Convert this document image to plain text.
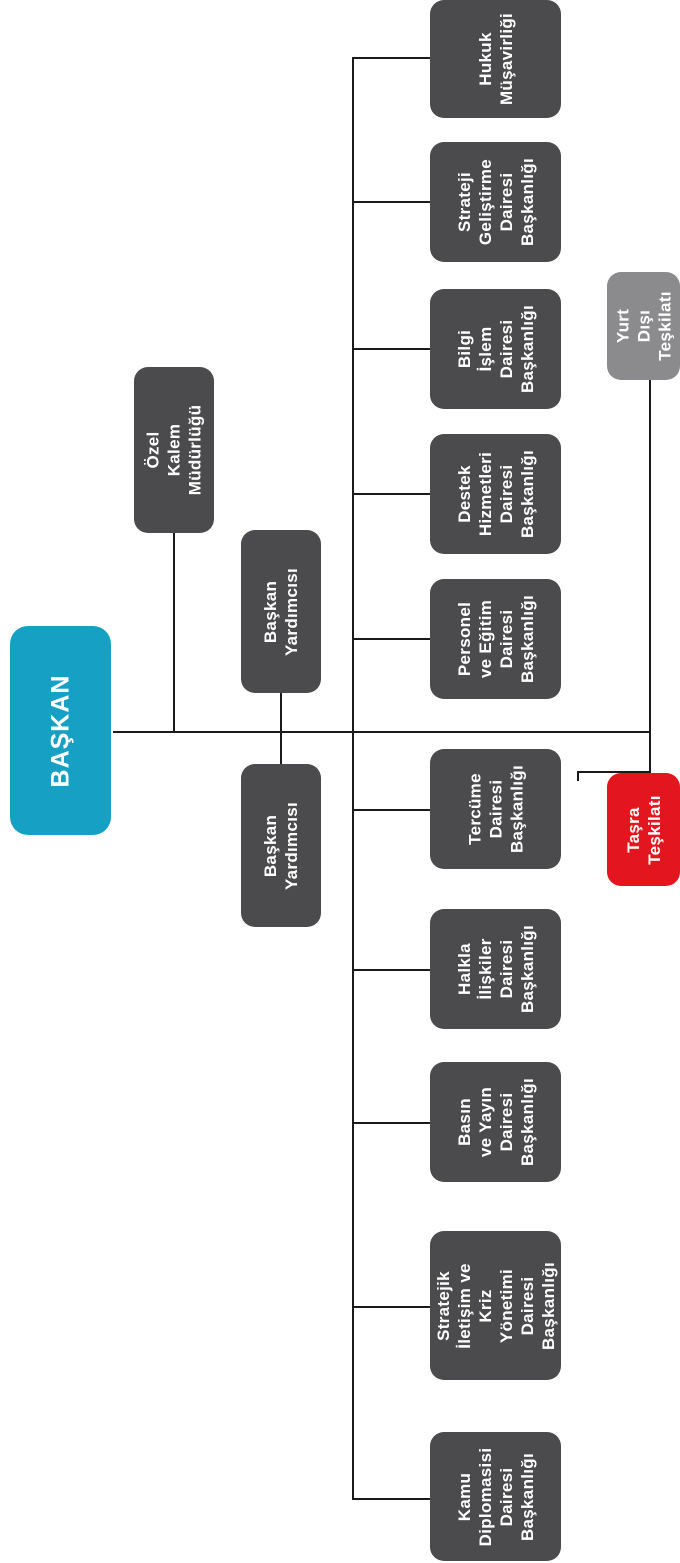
BAŞKAN
Özel Kalem
Müdürlüğü
Başkan
Yardımcısı
Başkan
Yardımcısı
Hukuk
Müşavirliği
Strateji
Geliştirme
Dairesi
Başkanlığı
Bilgi İşlem
Dairesi
Başkanlığı
Destek
Hizmetleri
Dairesi
Başkanlığı
Personel
ve Eğitim
Dairesi
Başkanlığı
Tercüme
Dairesi
Başkanlığı
Halkla
İlişkiler
Dairesi
Başkanlığı
Basın
ve Yayın
Dairesi
Başkanlığı
Stratejik
İletişim ve
Kriz Yönetimi
Dairesi
Başkanlığı
Kamu
Diplomasisi
Dairesi
Başkanlığı
Yurt Dışı
Teşkilatı
Taşra
Teşkilatı
